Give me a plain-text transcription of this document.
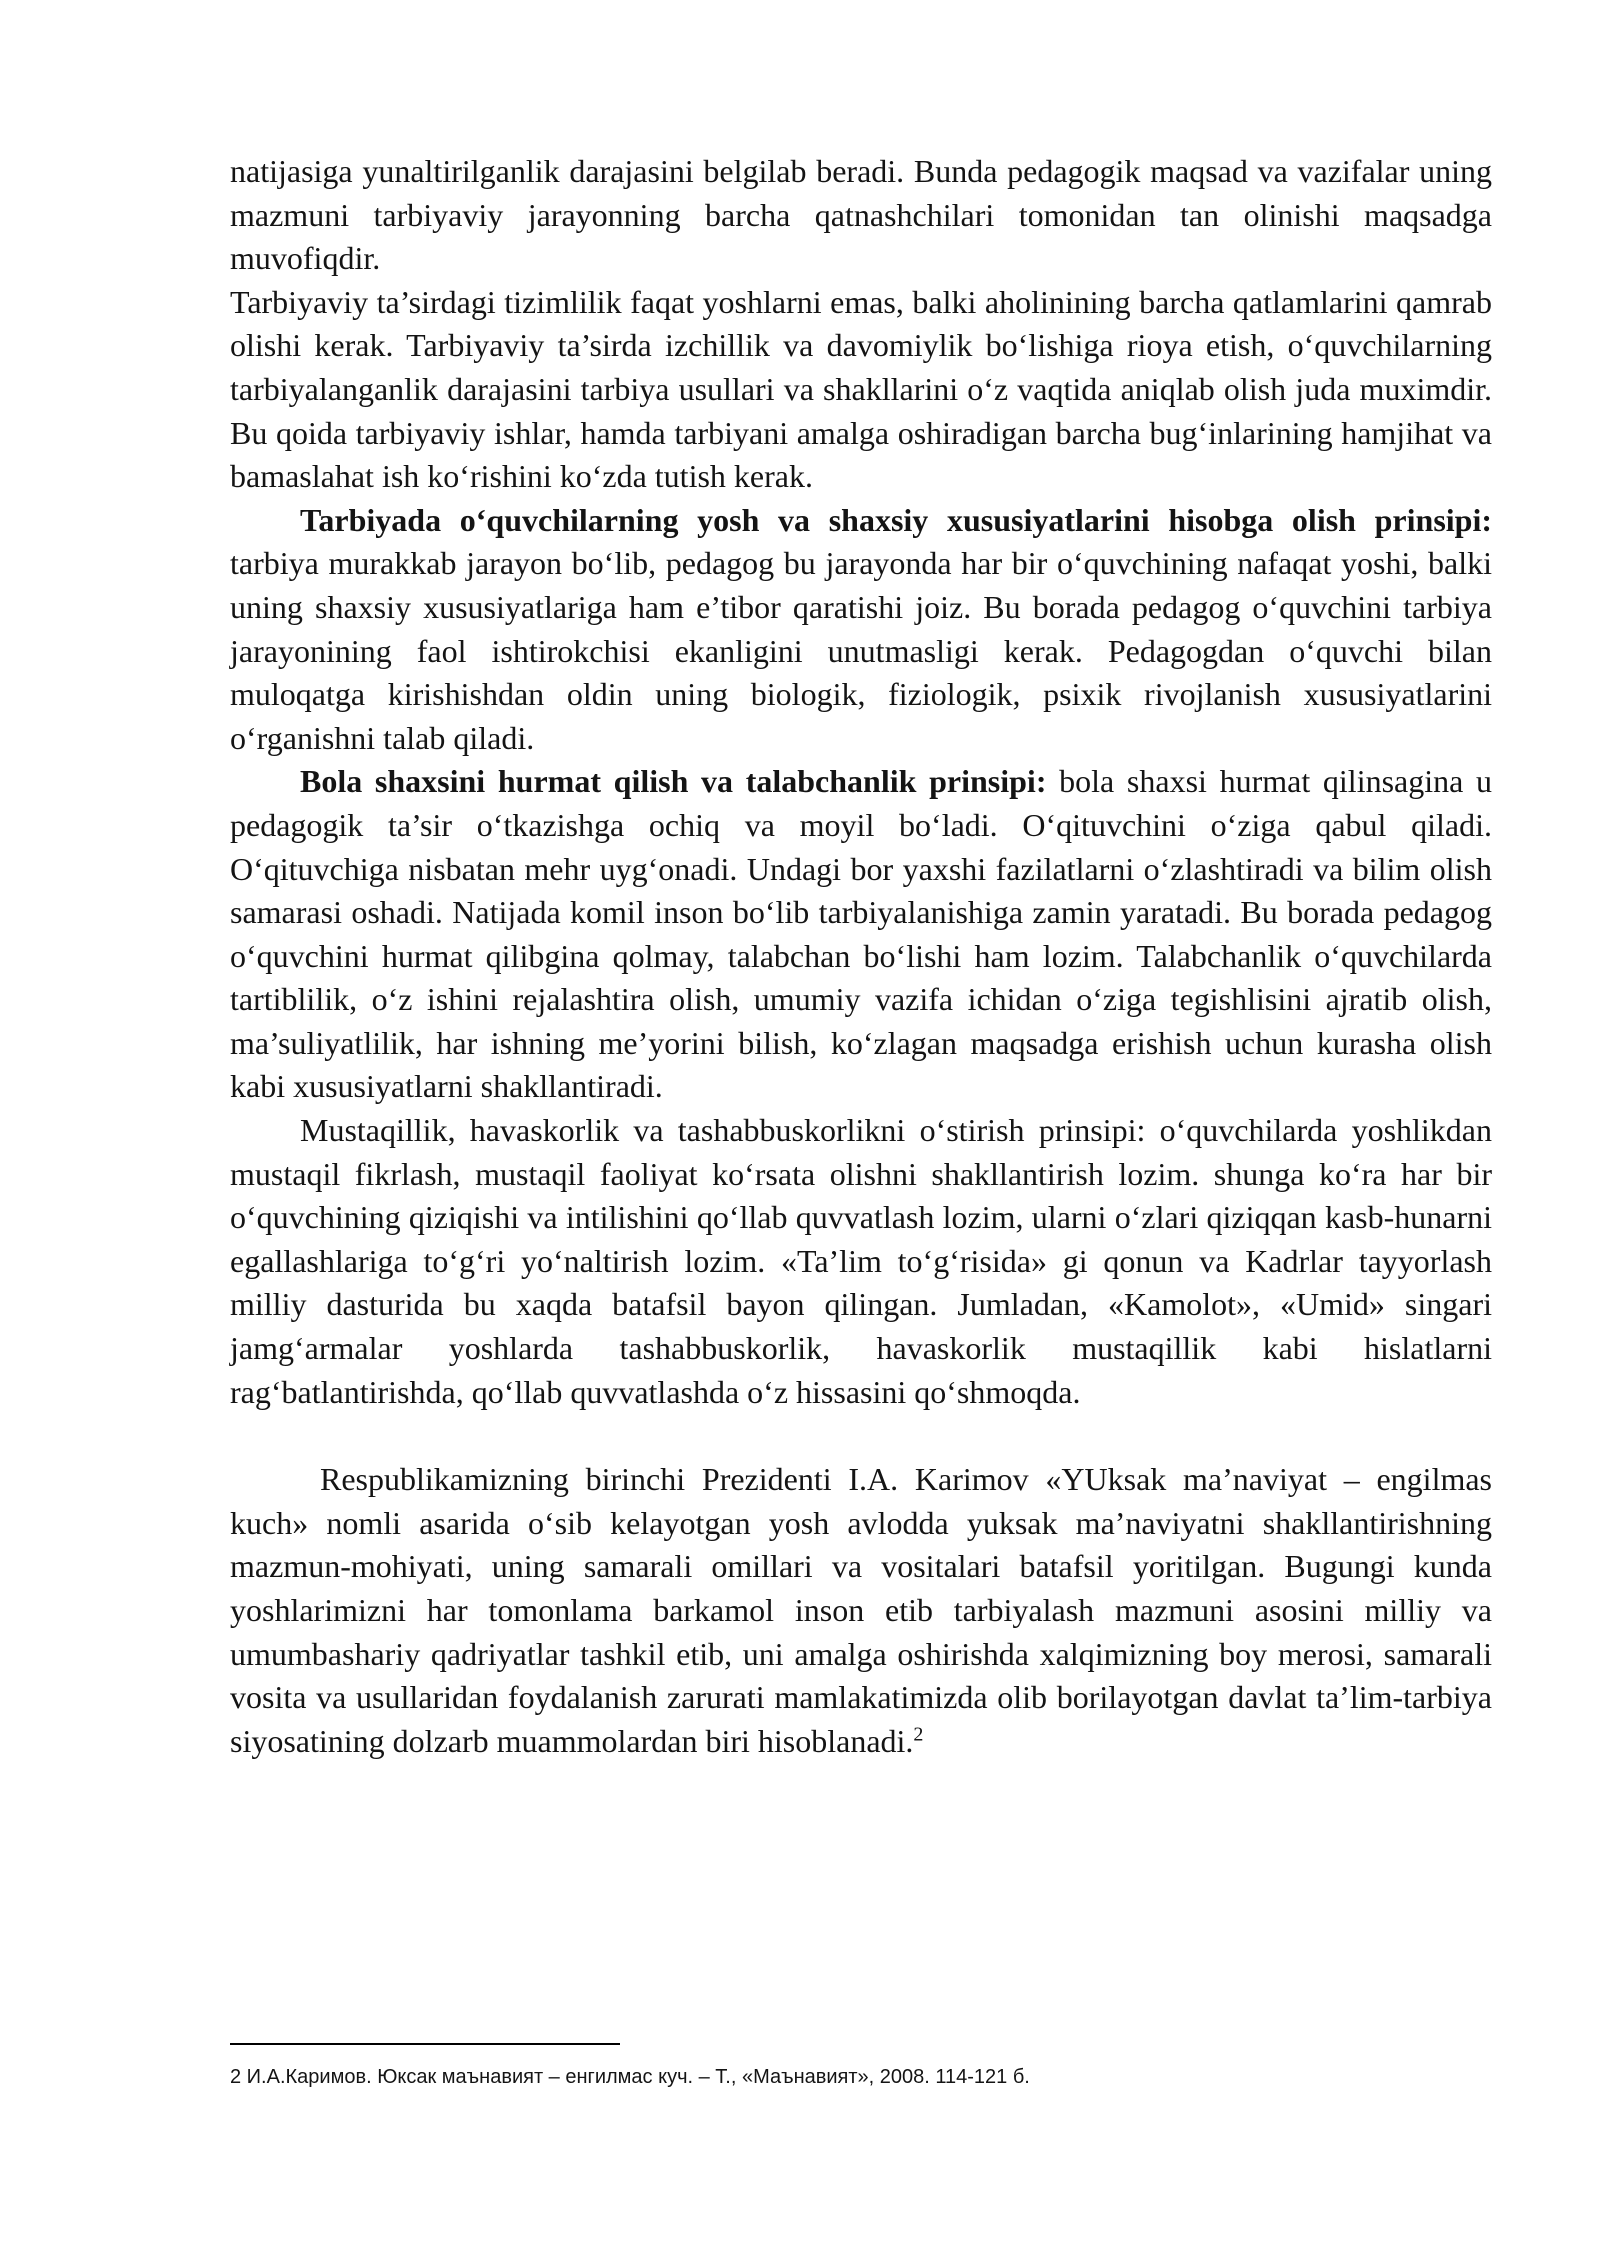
natijasiga yunaltirilganlik darajasini belgilab beradi. Bunda pedagogik maqsad va vazifalar uning mazmuni tarbiyaviy jarayonning barcha qatnashchilari tomonidan tan olinishi maqsadga muvofiqdir.

Tarbiyaviy ta’sirdagi tizimlilik faqat yoshlarni emas, balki aholinining barcha qatlamlarini qamrab olishi kerak. Tarbiyaviy ta’sirda izchillik va davomiylik bo‘lishiga rioya etish, o‘quvchilarning tarbiyalanganlik darajasini tarbiya usullari va shakllarini o‘z vaqtida aniqlab olish juda muximdir. Bu qoida tarbiyaviy ishlar, hamda tarbiyani amalga oshiradigan barcha bug‘inlarining hamjihat va bamaslahat ish ko‘rishini ko‘zda tutish kerak.

Tarbiyada o‘quvchilarning yosh va shaxsiy xususiyatlarini hisobga olish prinsipi: tarbiya murakkab jarayon bo‘lib, pedagog bu jarayonda har bir o‘quvchining nafaqat yoshi, balki uning shaxsiy xususiyatlariga ham e’tibor qaratishi joiz. Bu borada pedagog o‘quvchini tarbiya jarayonining faol ishtirokchisi ekanligini unutmasligi kerak. Pedagogdan o‘quvchi bilan muloqatga kirishishdan oldin uning biologik, fiziologik, psixik rivojlanish xususiyatlarini o‘rganishni talab qiladi.

Bola shaxsini hurmat qilish va talabchanlik prinsipi: bola shaxsi hurmat qilinsagina u pedagogik ta’sir o‘tkazishga ochiq va moyil bo‘ladi. O‘qituvchini o‘ziga qabul qiladi. O‘qituvchiga nisbatan mehr uyg‘onadi. Undagi bor yaxshi fazilatlarni o‘zlashtiradi va bilim olish samarasi oshadi. Natijada komil inson bo‘lib tarbiyalanishiga zamin yaratadi. Bu borada pedagog o‘quvchini hurmat qilibgina qolmay, talabchan bo‘lishi ham lozim. Talabchanlik o‘quvchilarda tartiblilik, o‘z ishini rejalashtira olish, umumiy vazifa ichidan o‘ziga tegishlisini ajratib olish, ma’suliyatlilik, har ishning me’yorini bilish, ko‘zlagan maqsadga erishish uchun kurasha olish kabi xususiyatlarni shakllantiradi.

Mustaqillik, havaskorlik va tashabbuskorlikni o‘stirish prinsipi: o‘quvchilarda yoshlikdan mustaqil fikrlash, mustaqil faoliyat ko‘rsata olishni shakllantirish lozim. shunga ko‘ra har bir o‘quvchining qiziqishi va intilishini qo‘llab quvvatlash lozim, ularni o‘zlari qiziqqan kasb-hunarni egallashlariga to‘g‘ri yo‘naltirish lozim. «Ta’lim to‘g‘risida» gi qonun va Kadrlar tayyorlash milliy dasturida bu xaqda batafsil bayon qilingan. Jumladan, «Kamolot», «Umid» singari jamg‘armalar yoshlarda tashabbuskorlik, havaskorlik mustaqillik kabi hislatlarni rag‘batlantirishda, qo‘llab quvvatlashda o‘z hissasini qo‘shmoqda.

Respublikamizning birinchi Prezidenti I.A. Karimov «YUksak ma’naviyat – engilmas kuch» nomli asarida o‘sib kelayotgan yosh avlodda yuksak ma’naviyatni shakllantirishning mazmun-mohiyati, uning samarali omillari va vositalari batafsil yoritilgan. Bugungi kunda yoshlarimizni har tomonlama barkamol inson etib tarbiyalash mazmuni asosini milliy va umumbashariy qadriyatlar tashkil etib, uni amalga oshirishda xalqimizning boy merosi, samarali vosita va usullaridan foydalanish zarurati mamlakatimizda olib borilayotgan davlat ta’lim-tarbiya siyosatining dolzarb muammolardan biri hisoblanadi.$^2$

2 И.А.Каримов. Юксак маънавият – енгилмас куч. – Т., «Маънавият», 2008. 114-121 б.
